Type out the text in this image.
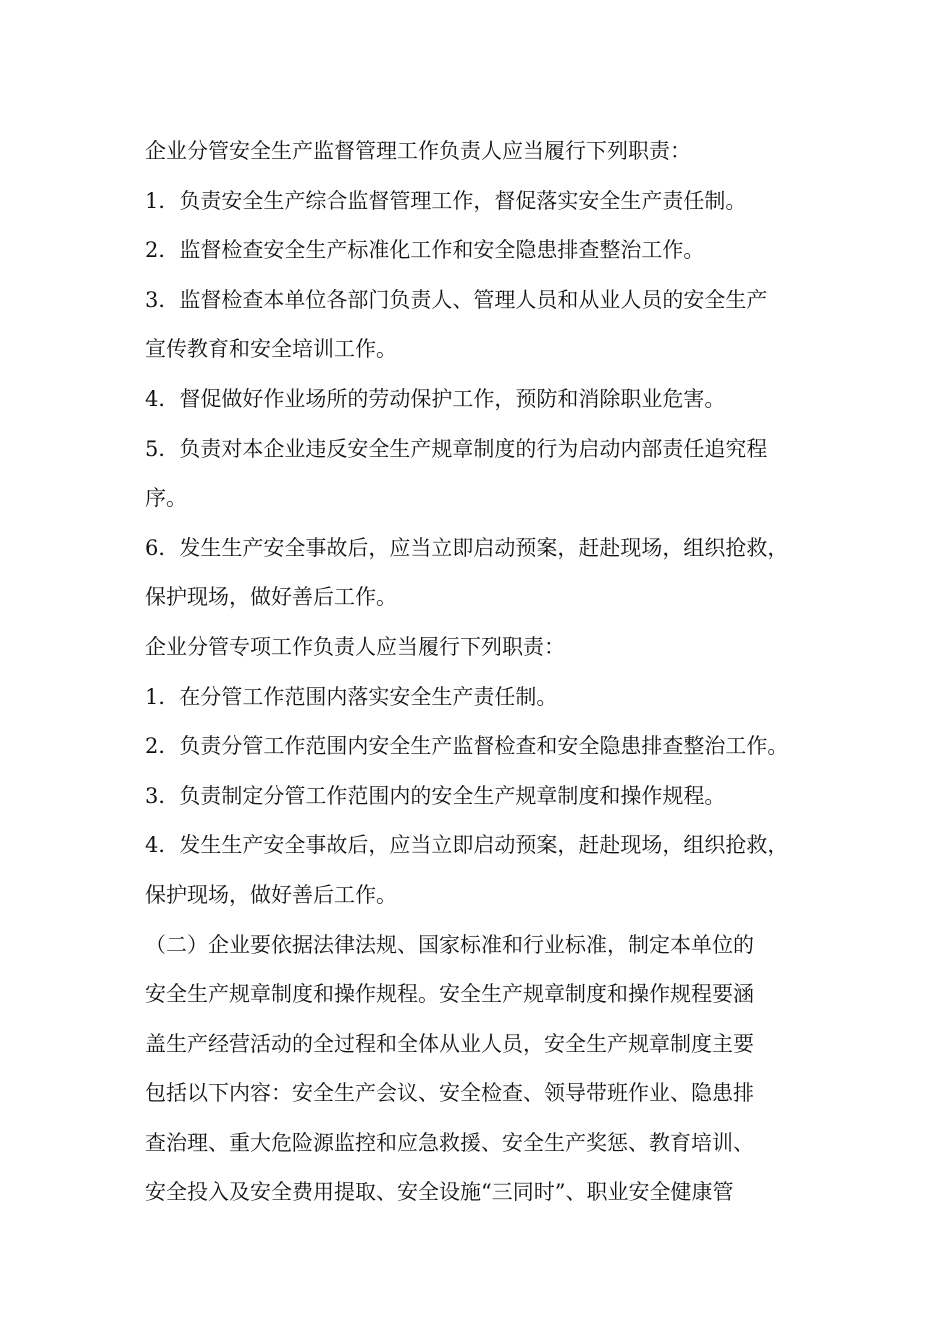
企业分管安全生产监督管理工作负责人应当履行下列职责：

1．负责安全生产综合监督管理工作，督促落实安全生产责任制。

2．监督检查安全生产标准化工作和安全隐患排查整治工作。

3．监督检查本单位各部门负责人、管理人员和从业人员的安全生产

宣传教育和安全培训工作。

4．督促做好作业场所的劳动保护工作，预防和消除职业危害。

5．负责对本企业违反安全生产规章制度的行为启动内部责任追究程

序。

6．发生生产安全事故后，应当立即启动预案，赶赴现场，组织抢救，

保护现场，做好善后工作。

企业分管专项工作负责人应当履行下列职责：

1．在分管工作范围内落实安全生产责任制。

2．负责分管工作范围内安全生产监督检查和安全隐患排查整治工作。

3．负责制定分管工作范围内的安全生产规章制度和操作规程。

4．发生生产安全事故后，应当立即启动预案，赶赴现场，组织抢救，

保护现场，做好善后工作。

（二）企业要依据法律法规、国家标准和行业标准，制定本单位的

安全生产规章制度和操作规程。安全生产规章制度和操作规程要涵

盖生产经营活动的全过程和全体从业人员，安全生产规章制度主要

包括以下内容：安全生产会议、安全检查、领导带班作业、隐患排

查治理、重大危险源监控和应急救援、安全生产奖惩、教育培训、

安全投入及安全费用提取、安全设施“三同时”、职业安全健康管
